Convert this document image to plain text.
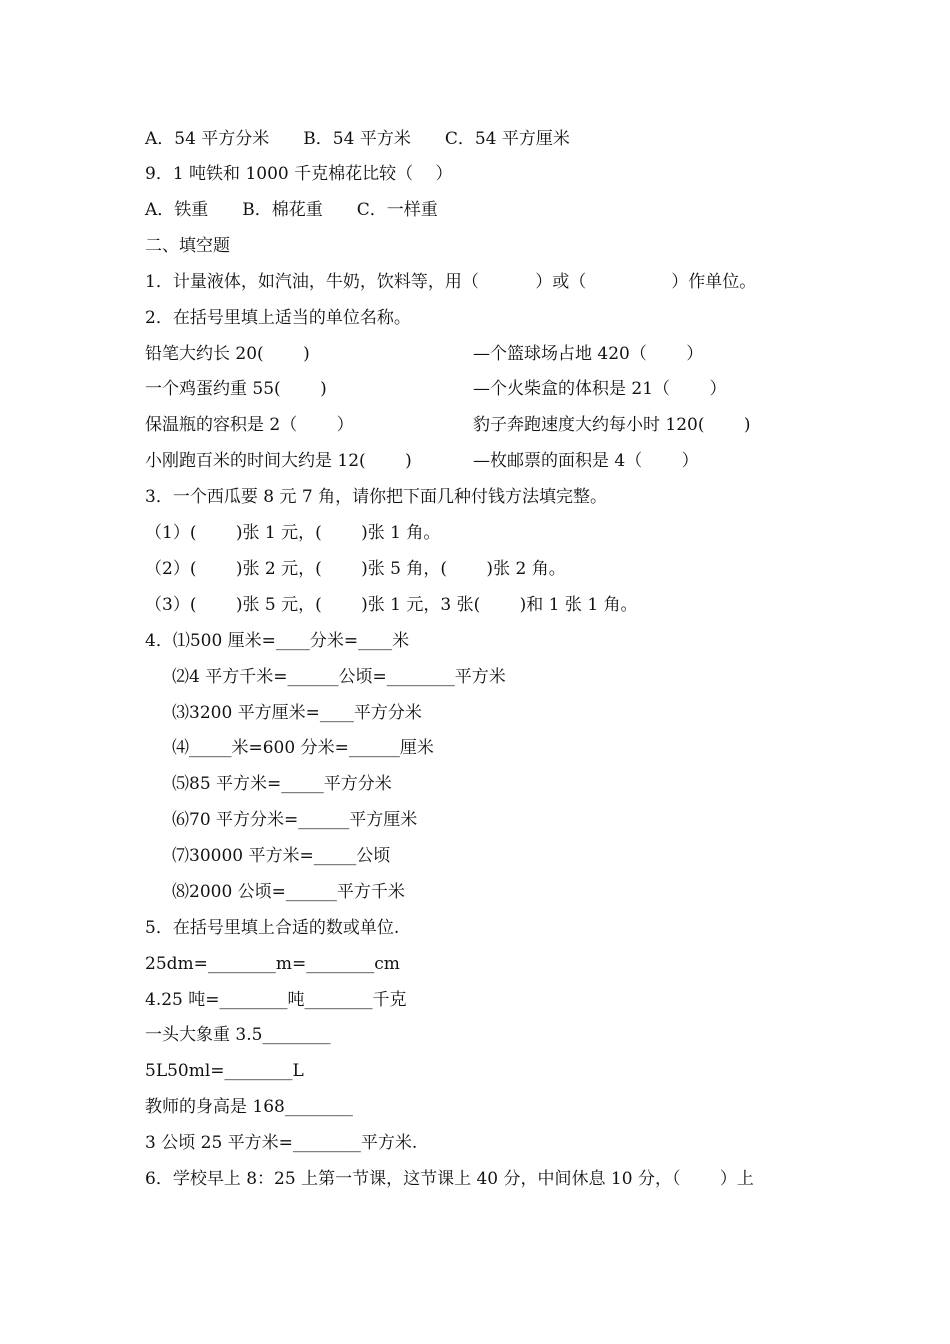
A．54 平方分米　　B．54 平方米　　C．54 平方厘米
9．1 吨铁和 1000 千克棉花比较（　 ）
A．铁重　　B．棉花重　　C．一样重
二、填空题
1．计量液体，如汽油，牛奶，饮料等，用（　　　 ）或（　　　　　）作单位。
2．在括号里填上适当的单位名称。
铅笔大约长 20(　　 )	—个篮球场占地 420（　　 ）
一个鸡蛋约重 55(　　 )	—个火柴盒的体积是 21（　　 ）
保温瓶的容积是 2（　　 ）	豹子奔跑速度大约每小时 120(　　 )
小刚跑百米的时间大约是 12(　　 )	—枚邮票的面积是 4（　　 ）
3．一个西瓜要 8 元 7 角，请你把下面几种付钱方法填完整。
（1）(　　 )张 1 元，(　　 )张 1 角。
（2）(　　 )张 2 元，(　　 )张 5 角，(　　 )张 2 角。
（3）(　　 )张 5 元，(　　 )张 1 元，3 张(　　 )和 1 张 1 角。
4．⑴500 厘米=____分米=____米
⑵4 平方千米=______公顷=________平方米
⑶3200 平方厘米=____平方分米
⑷_____米=600 分米=______厘米
⑸85 平方米=_____平方分米
⑹70 平方分米=______平方厘米
⑺30000 平方米=_____公顷
⑻2000 公顷=______平方千米
5．在括号里填上合适的数或单位.
25dm=________m=________cm
4.25 吨=________吨________千克
一头大象重 3.5________
5L50ml=________L
教师的身高是 168________
3 公顷 25 平方米=________平方米.
6．学校早上 8：25 上第一节课，这节课上 40 分，中间休息 10 分，（　　 ）上
